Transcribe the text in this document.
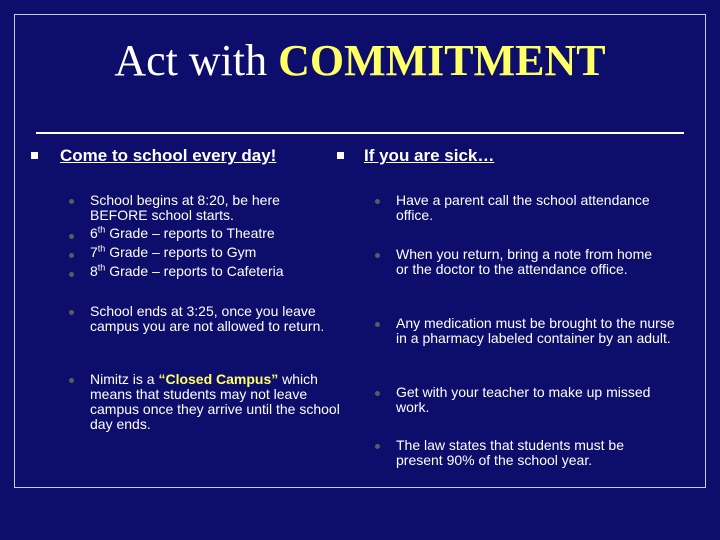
Act with COMMITMENT
Come to school every day!
School begins at 8:20, be here BEFORE school starts.
6th Grade – reports to Theatre
7th Grade – reports to Gym
8th Grade – reports to Cafeteria
School ends at 3:25, once you leave campus you are not allowed to return.
Nimitz is a “Closed Campus” which means that students may not leave campus once they arrive until the school day ends.
If you are sick…
Have a parent call the school attendance office.
When you return, bring a note from home or the doctor to the attendance office.
Any medication must be brought to the nurse in a pharmacy labeled container by an adult.
Get with your teacher to make up missed work.
The law states that students must be present 90% of the school year.
